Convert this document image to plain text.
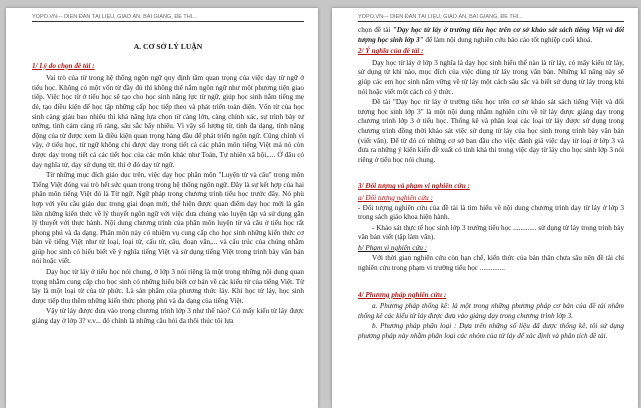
YOPO.VN--- DIỄN ĐÀN TÀI LIỆU, GIÁO ÁN, BÀI GIẢNG, ĐỀ THI...
A. CƠ SỞ LÝ LUẬN
1/ Lý do chọn đề tài :

Vai trò của từ trong hệ thống ngôn ngữ quy định tầm quan trọng của việc dạy từ ngữ ở tiểu học. Không có một vốn từ đầy đủ thì không thể nắm ngôn ngữ như một phương tiện giao tiếp. Việc học từ ở tiểu học sẽ tạo cho học sinh năng lực từ ngữ, giúp học sinh nắm tiếng mẹ đẻ, tạo điều kiện để học tập những cấp học tiếp theo và phát triển toàn diện. Vốn từ của học sinh càng giàu bao nhiêu thì khả năng lựa chọn từ càng lớn, càng chính xác, sự trình bày tư tưởng, tình cảm càng rõ ràng, sâu sắc bấy nhiêu. Vì vậy số lượng từ, tính đa dạng, tính năng động của từ được xem là điều kiện quan trọng hàng đầu để phát triển ngôn ngữ. Cũng chính vì vậy, ở tiểu học, từ ngữ không chỉ được dạy trong tiết cả các phân môn tiếng Việt mà nó còn được dạy trong tiết cả các tiết học của các môn khác như Toán, Tự nhiên xã hội,.... Ở đâu có dạy nghĩa từ, dạy sử dụng từ, thì ở đó dạy từ ngữ.

Từ những mục đích giáo dục trên, việc dạy học phân môn "Luyện từ và câu" trong môn Tiếng Việt đóng vai trò hết sức quan trọng trong hệ thống ngôn ngữ. Đây là sự kết hợp của hai phân môn tiếng Việt đó là Từ ngữ. Ngữ pháp trong chương trình tiểu học trước đây. Nó phù hợp với yêu cầu giáo dục trong giai đoạn mới, thể hiện được quan điểm dạy học mới là gắn liền những kiến thức về lý thuyết ngôn ngữ với việc đưa chúng vào luyện tập và sử dụng gắn lý thuyết với thực hành. Nội dung chương trình của phân môn luyện từ và câu ở tiểu học rất phong phú và đa dạng. Phân môn này có nhiệm vụ cung cấp cho học sinh những kiến thức cơ bản về tiếng Việt như từ loại, loại từ, cấu từ, câu, đoạn văn,... và cấu trúc của chúng nhằm giúp học sinh có hiểu biết về ý nghĩa tiếng Việt và sử dụng tiếng Việt trong trình bày văn bản nói hoặc viết.

Dạy học từ láy ở tiểu học nói chung, ở lớp 3 nói riêng là một trong những nội dung quan trọng nhằm cung cấp cho học sinh có những hiểu biết cơ bản về các kiểu từ của tiếng Việt. Từ láy là một loại từ của từ phức. Là sản phẩm của phương thức láy. Khi học từ láy, học sinh được tiếp thu thêm những kiến thức phong phú và đa dạng của tiếng Việt.

Vậy từ láy được đưa vào trong chương trình lớp 3 như thế nào? Có mấy kiểu từ láy được giảng dạy ở lớp 3? v.v... đó chính là những câu hỏi đa thôi thúc tôi lựa

YOPO.VN--- DIỄN ĐÀN TÀI LIỆU, GIÁO ÁN, BÀI GIẢNG, ĐỀ THI...

chọn đề tài "Dạy học từ láy ở trường tiểu học trên cơ sở khảo sát sách tiếng Việt và đối tượng học sinh lớp 3" để làm nội dung nghiên cứu báo cáo tốt nghiệp cuối khoá.

2/ Ý nghĩa của đề tài :

Dạy học từ láy ở lớp 3 nghĩa là dạy học sinh hiểu thế nào là từ láy, có mấy kiểu từ láy, sử dụng từ khi nào, mục đích của việc dùng từ láy trong văn bản. Những kĩ năng này sẽ giúp các em học sinh nắm vững về từ láy một cách sâu sắc và biết sử dụng từ láy trong khi nói hoặc viết một cách có ý thức.

Đề tài "Dạy học từ láy ở trường tiểu học trên cơ sở khảo sát sách tiếng Việt và đối tượng học sinh lớp 3" là một nội dung nhằm nghiên cứu về từ láy được giảng dạy trong chương trình lớp 3 ở tiểu học. Thống kê và phân loại các loại từ láy được sử dụng trong chương trình đồng thời khảo sát việc sử dụng từ láy của học sinh trong trình bày văn bản (viết văn). Để từ đó có những cơ sở ban đầu cho việc đánh giá việc dạy từ loại ở lớp 3 và đưa ra những ý kiến kiến đề xuất có tính khả thi trong việc dạy từ láy cho học sinh lớp 3 nói riêng ở tiểu học nói chung.

3/ Đối tượng và phạm vi nghiên cứu :
a/ Đối tượng nghiên cứu :

- Đối tượng nghiên cứu của đề tài là tìm hiểu về nội dung chương trình dạy từ láy ở lớp 3 trong sách giáo khoa hiện hành.

- Khảo sát thực tế học sinh lớp 3 trường tiểu học ............. sử dụng từ láy trong trình bày văn bản viết (tập làm văn).

b/ Phạm vi nghiên cứu :

Với thời gian nghiên cứu còn hạn chế, kiến thức của bản thân chưa sâu nên đề tài chỉ nghiên cứu trong phạm vi trường tiểu học ..............

4/ Phương pháp nghiên cứu :

a. Phương pháp thống kê: là một trong những phương pháp cơ bản của đề tài nhằm thống kê các kiểu từ láy được đưa vào giảng dạy trong chương trình lớp 3.

b. Phương pháp phân loại : Dựa trên những số liệu đã được thống kê, tôi sử dụng phương pháp này nhằm phân loại các nhóm của từ láy để xác định và phân tích đề tài.
